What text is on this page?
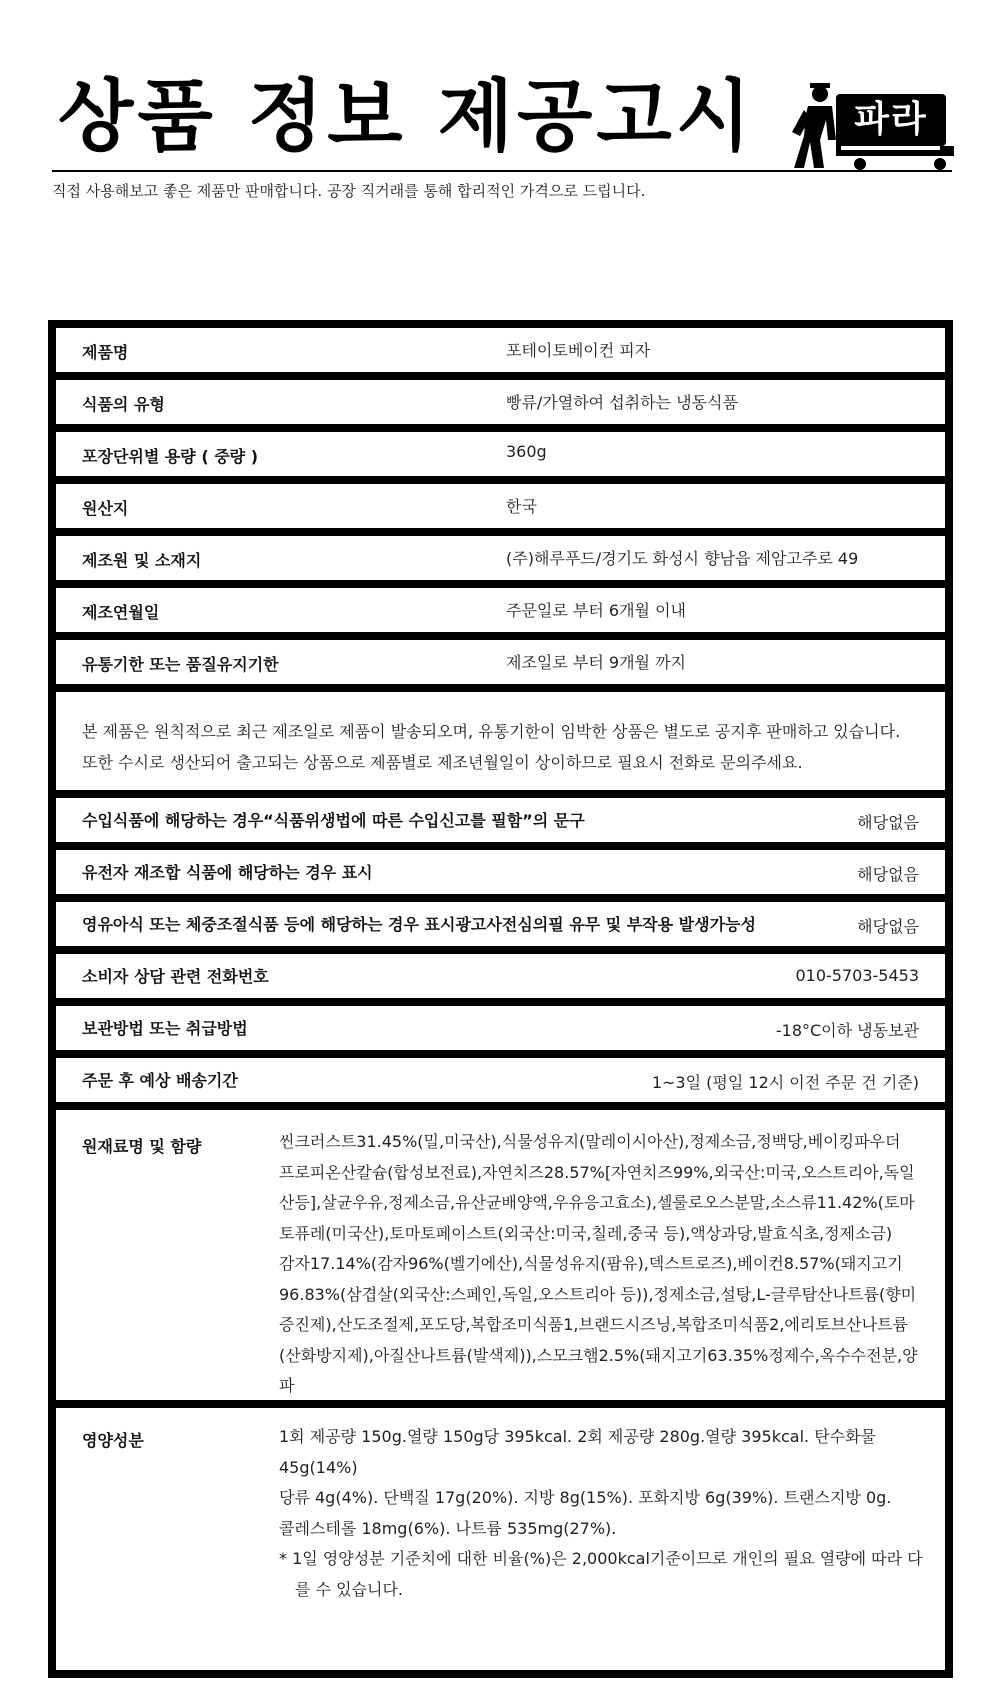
상품 정보 제공고시	파라
직접 사용해보고 좋은 제품만 판매합니다. 공장 직거래를 통해 합리적인 가격으로 드립니다.
제품명	포테이토베이컨 피자
식품의 유형	빵류/가열하여 섭취하는 냉동식품
포장단위별 용량 ( 중량 )	360g
원산지	한국
제조원 및 소재지	(주)해루푸드/경기도 화성시 향남읍 제암고주로 49
제조연월일	주문일로 부터 6개월 이내
유통기한 또는 품질유지기한	제조일로 부터 9개월 까지
본 제품은 원칙적으로 최근 제조일로 제품이 발송되오며, 유통기한이 임박한 상품은 별도로 공지후 판매하고 있습니다.
또한 수시로 생산되어 출고되는 상품으로 제품별로 제조년월일이 상이하므로 필요시 전화로 문의주세요.
수입식품에 해당하는 경우“식품위생법에 따른 수입신고를 필함”의 문구	해당없음
유전자 재조합 식품에 해당하는 경우 표시	해당없음
영유아식 또는 체중조절식품 등에 해당하는 경우 표시광고사전심의필 유무 및 부작용 발생가능성	해당없음
소비자 상담 관련 전화번호	010-5703-5453
보관방법 또는 취급방법	-18°C이하 냉동보관
주문 후 예상 배송기간	1~3일 (평일 12시 이전 주문 건 기준)
원재료명 및 함량	씬크러스트31.45%(밀,미국산),식물성유지(말레이시아산),정제소금,정백당,베이킹파우더
프로피온산칼슘(합성보전료),자연치즈28.57%[자연치즈99%,외국산:미국,오스트리아,독일
산등],살균우유,정제소금,유산균배양액,우유응고효소),셀룰로오스분말,소스류11.42%(토마
토퓨레(미국산),토마토페이스트(외국산:미국,칠레,중국 등),액상과당,발효식초,정제소금)
감자17.14%(감자96%(벨기에산),식물성유지(팜유),덱스트로즈),베이컨8.57%(돼지고기
96.83%(삼겹살(외국산:스페인,독일,오스트리아 등)),정제소금,설탕,L-글루탐산나트륨(향미
증진제),산도조절제,포도당,복합조미식품1,브랜드시즈닝,복합조미식품2,에리토브산나트륨
(산화방지제),아질산나트륨(발색제)),스모크햄2.5%(돼지고기63.35%정제수,옥수수전분,양파
영양성분	1회 제공량 150g.열량 150g당 395kcal. 2회 제공량 280g.열량 395kcal. 탄수화물 45g(14%)
당류 4g(4%). 단백질 17g(20%). 지방 8g(15%). 포화지방 6g(39%). 트랜스지방 0g.
콜레스테롤 18mg(6%). 나트륨 535mg(27%).
* 1일 영양성분 기준치에 대한 비율(%)은 2,000kcal기준이므로 개인의 필요 열량에 따라 다를 수 있습니다.
